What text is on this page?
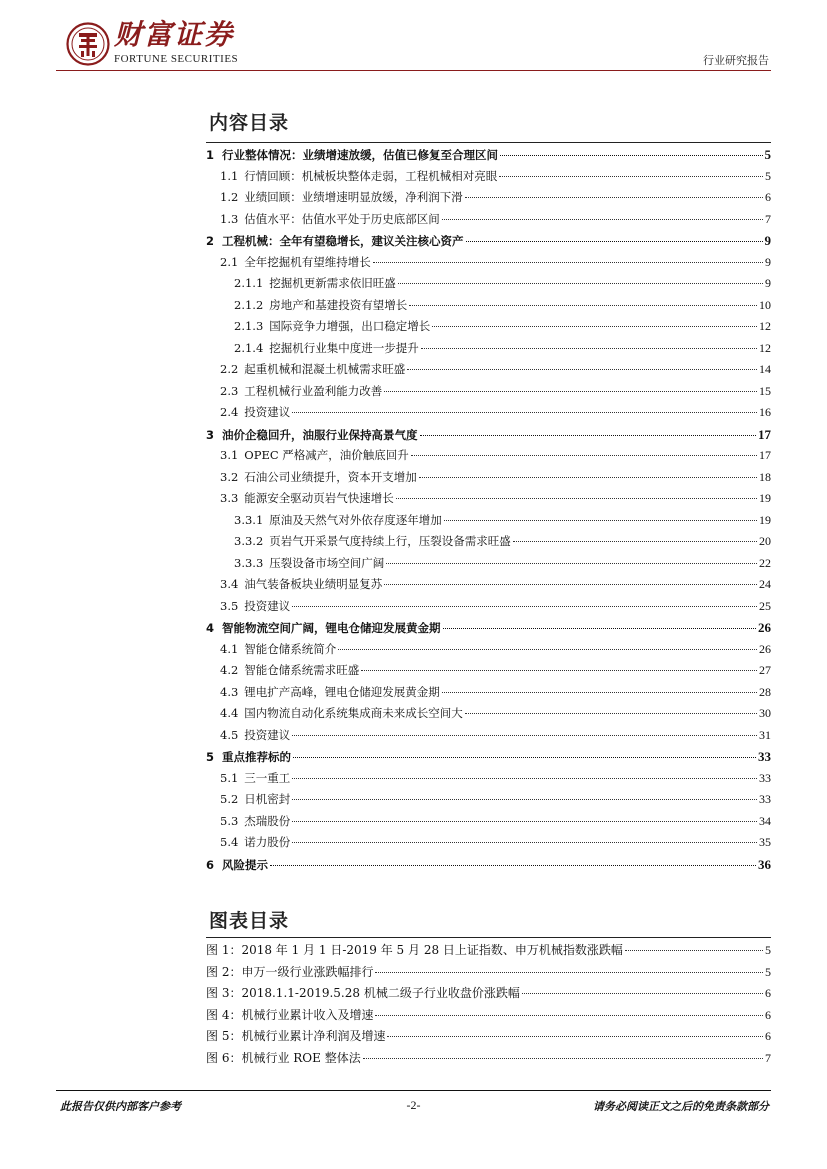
财富证券
FORTUNE SECURITIES	行业研究报告
内容目录
1 行业整体情况：业绩增速放缓，估值已修复至合理区间	5
1.1 行情回顾：机械板块整体走弱，工程机械相对亮眼	5
1.2 业绩回顾：业绩增速明显放缓，净利润下滑	6
1.3 估值水平：估值水平处于历史底部区间	7
2 工程机械：全年有望稳增长，建议关注核心资产	9
2.1 全年挖掘机有望维持增长	9
2.1.1 挖掘机更新需求依旧旺盛	9
2.1.2 房地产和基建投资有望增长	10
2.1.3 国际竞争力增强，出口稳定增长	12
2.1.4 挖掘机行业集中度进一步提升	12
2.2 起重机械和混凝土机械需求旺盛	14
2.3 工程机械行业盈利能力改善	15
2.4 投资建议	16
3 油价企稳回升，油服行业保持高景气度	17
3.1 OPEC 严格减产，油价触底回升	17
3.2 石油公司业绩提升，资本开支增加	18
3.3 能源安全驱动页岩气快速增长	19
3.3.1 原油及天然气对外依存度逐年增加	19
3.3.2 页岩气开采景气度持续上行，压裂设备需求旺盛	20
3.3.3 压裂设备市场空间广阔	22
3.4 油气装备板块业绩明显复苏	24
3.5 投资建议	25
4 智能物流空间广阔，锂电仓储迎发展黄金期	26
4.1 智能仓储系统简介	26
4.2 智能仓储系统需求旺盛	27
4.3 锂电扩产高峰，锂电仓储迎发展黄金期	28
4.4 国内物流自动化系统集成商未来成长空间大	30
4.5 投资建议	31
5 重点推荐标的	33
5.1 三一重工	33
5.2 日机密封	33
5.3 杰瑞股份	34
5.4 诺力股份	35
6 风险提示	36
图表目录
图 1：2018 年 1 月 1 日-2019 年 5 月 28 日上证指数、申万机械指数涨跌幅	5
图 2：申万一级行业涨跌幅排行	5
图 3：2018.1.1-2019.5.28 机械二级子行业收盘价涨跌幅	6
图 4：机械行业累计收入及增速	6
图 5：机械行业累计净利润及增速	6
图 6：机械行业 ROE 整体法	7
此报告仅供内部客户参考	-2-	请务必阅读正文之后的免责条款部分
